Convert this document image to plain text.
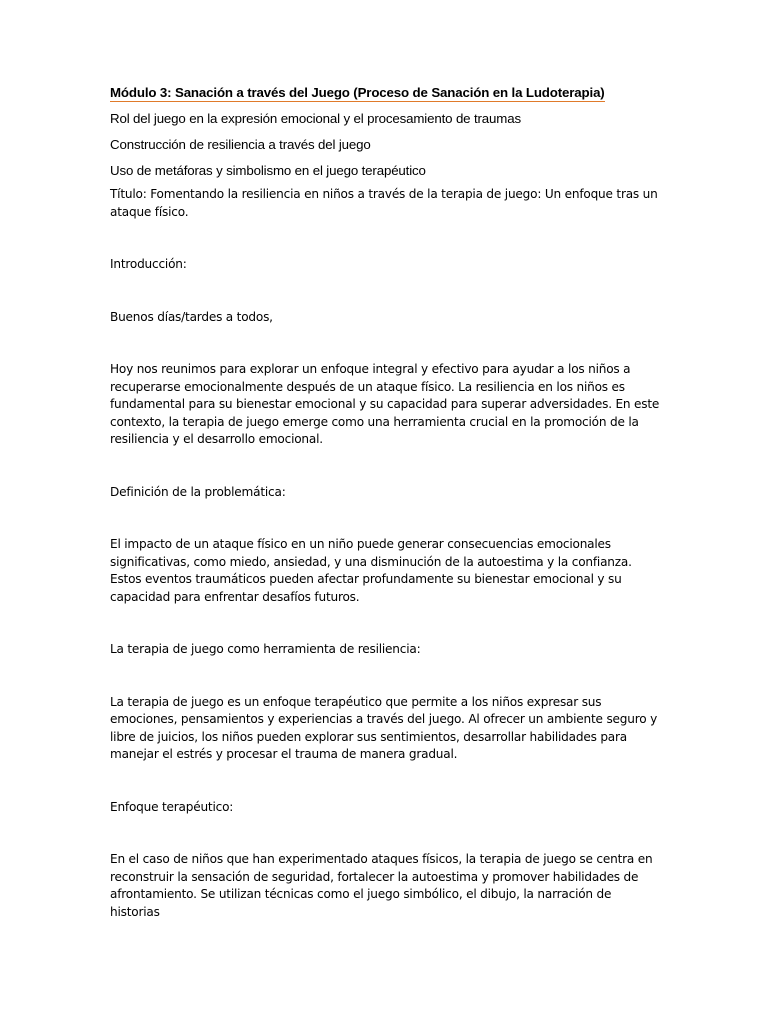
Módulo 3: Sanación a través del Juego (Proceso de Sanación en la Ludoterapia)

Rol del juego en la expresión emocional y el procesamiento de traumas

Construcción de resiliencia a través del juego

Uso de metáforas y simbolismo en el juego terapéutico

Título: Fomentando la resiliencia en niños a través de la terapia de juego: Un enfoque tras un ataque físico.

Introducción:

Buenos días/tardes a todos,

Hoy nos reunimos para explorar un enfoque integral y efectivo para ayudar a los niños a recuperarse emocionalmente después de un ataque físico. La resiliencia en los niños es fundamental para su bienestar emocional y su capacidad para superar adversidades. En este contexto, la terapia de juego emerge como una herramienta crucial en la promoción de la resiliencia y el desarrollo emocional.

Definición de la problemática:

El impacto de un ataque físico en un niño puede generar consecuencias emocionales significativas, como miedo, ansiedad, y una disminución de la autoestima y la confianza. Estos eventos traumáticos pueden afectar profundamente su bienestar emocional y su capacidad para enfrentar desafíos futuros.

La terapia de juego como herramienta de resiliencia:

La terapia de juego es un enfoque terapéutico que permite a los niños expresar sus emociones, pensamientos y experiencias a través del juego. Al ofrecer un ambiente seguro y libre de juicios, los niños pueden explorar sus sentimientos, desarrollar habilidades para manejar el estrés y procesar el trauma de manera gradual.

Enfoque terapéutico:

En el caso de niños que han experimentado ataques físicos, la terapia de juego se centra en reconstruir la sensación de seguridad, fortalecer la autoestima y promover habilidades de afrontamiento. Se utilizan técnicas como el juego simbólico, el dibujo, la narración de historias
